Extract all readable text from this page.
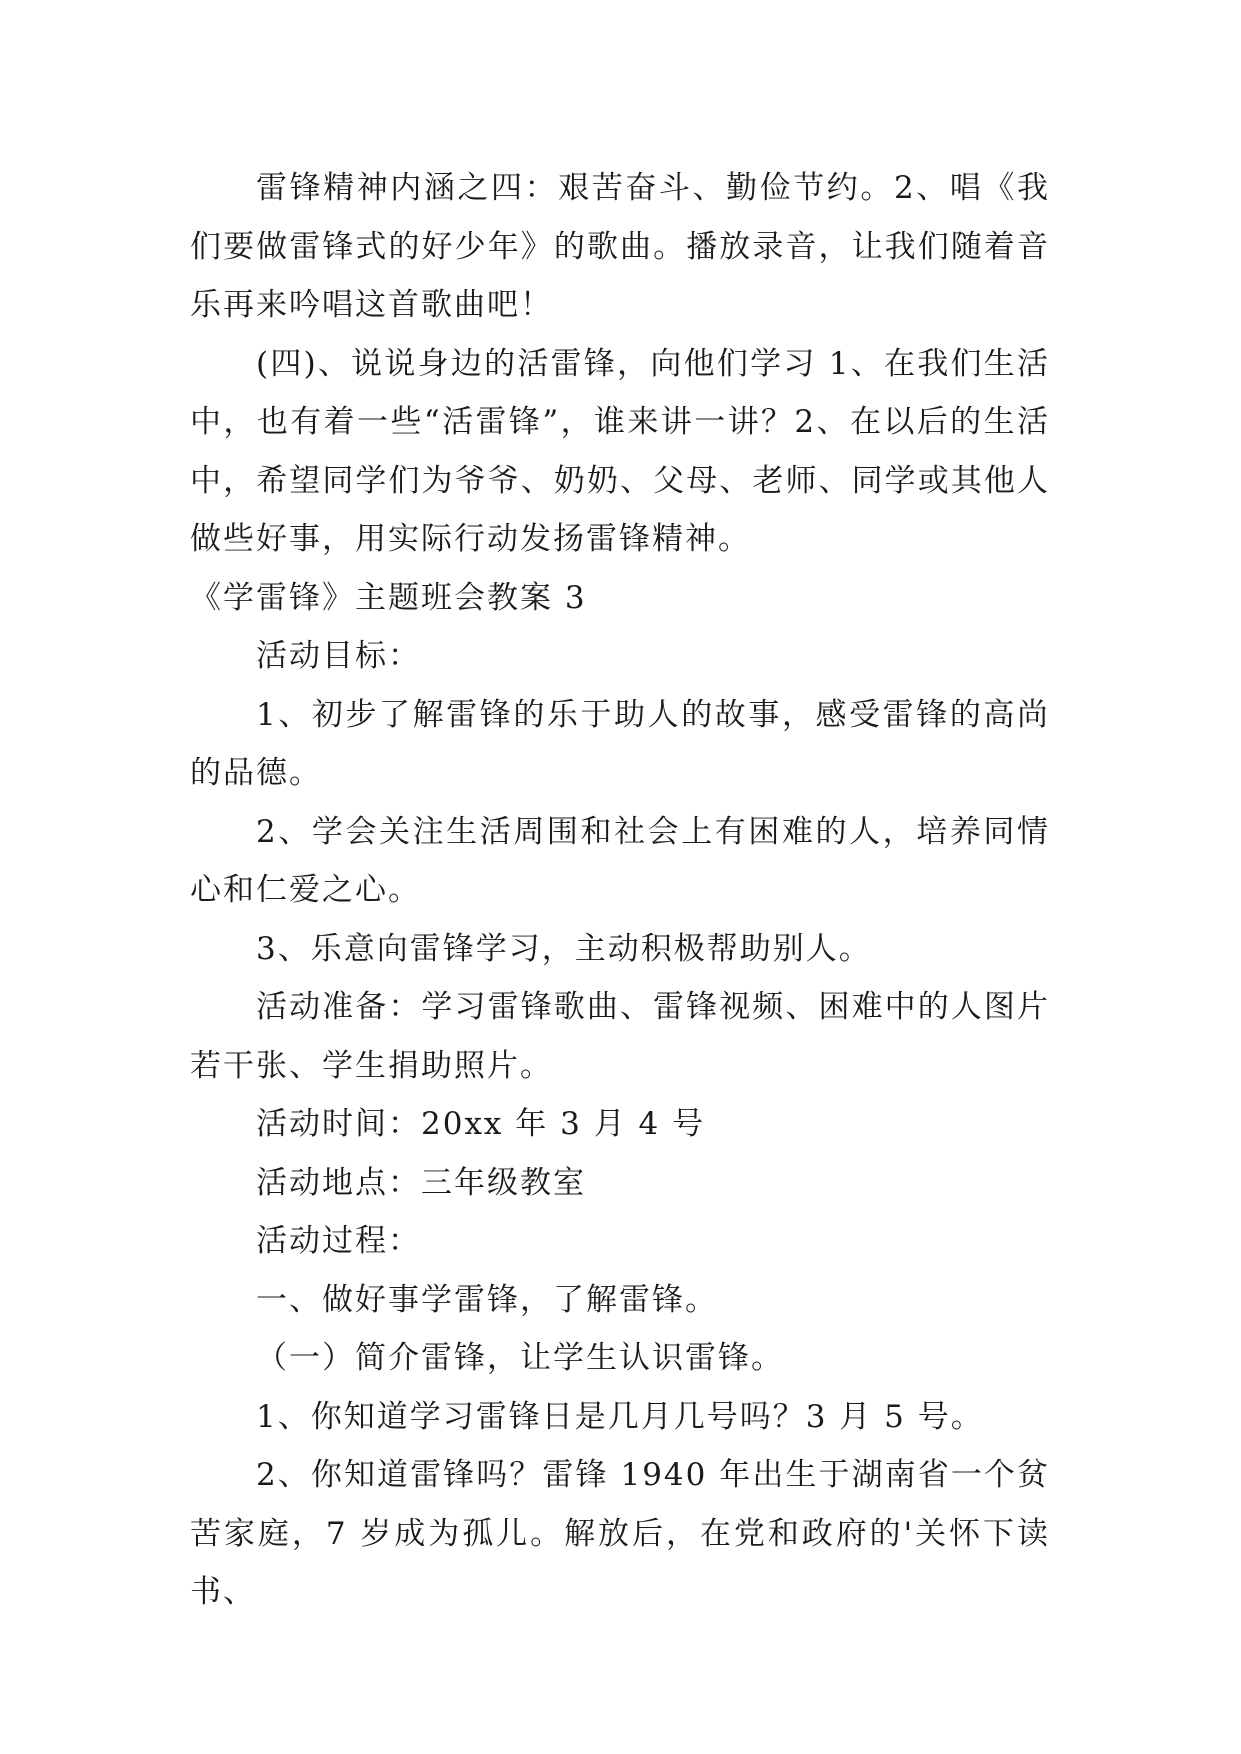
雷锋精神内涵之四：艰苦奋斗、勤俭节约。2、唱《我们要做雷锋式的好少年》的歌曲。播放录音，让我们随着音乐再来吟唱这首歌曲吧！

(四)、说说身边的活雷锋，向他们学习 1、在我们生活中，也有着一些“活雷锋”，谁来讲一讲？2、在以后的生活中，希望同学们为爷爷、奶奶、父母、老师、同学或其他人做些好事，用实际行动发扬雷锋精神。

《学雷锋》主题班会教案 3

活动目标：

1、初步了解雷锋的乐于助人的故事，感受雷锋的高尚的品德。

2、学会关注生活周围和社会上有困难的人，培养同情心和仁爱之心。

3、乐意向雷锋学习，主动积极帮助别人。

活动准备：学习雷锋歌曲、雷锋视频、困难中的人图片若干张、学生捐助照片。

活动时间：20xx 年 3 月 4 号

活动地点：三年级教室

活动过程：

一、做好事学雷锋，了解雷锋。

（一）简介雷锋，让学生认识雷锋。

1、你知道学习雷锋日是几月几号吗？3 月 5 号。

2、你知道雷锋吗？雷锋 1940 年出生于湖南省一个贫苦家庭，7 岁成为孤儿。解放后，在党和政府的'关怀下读书、
